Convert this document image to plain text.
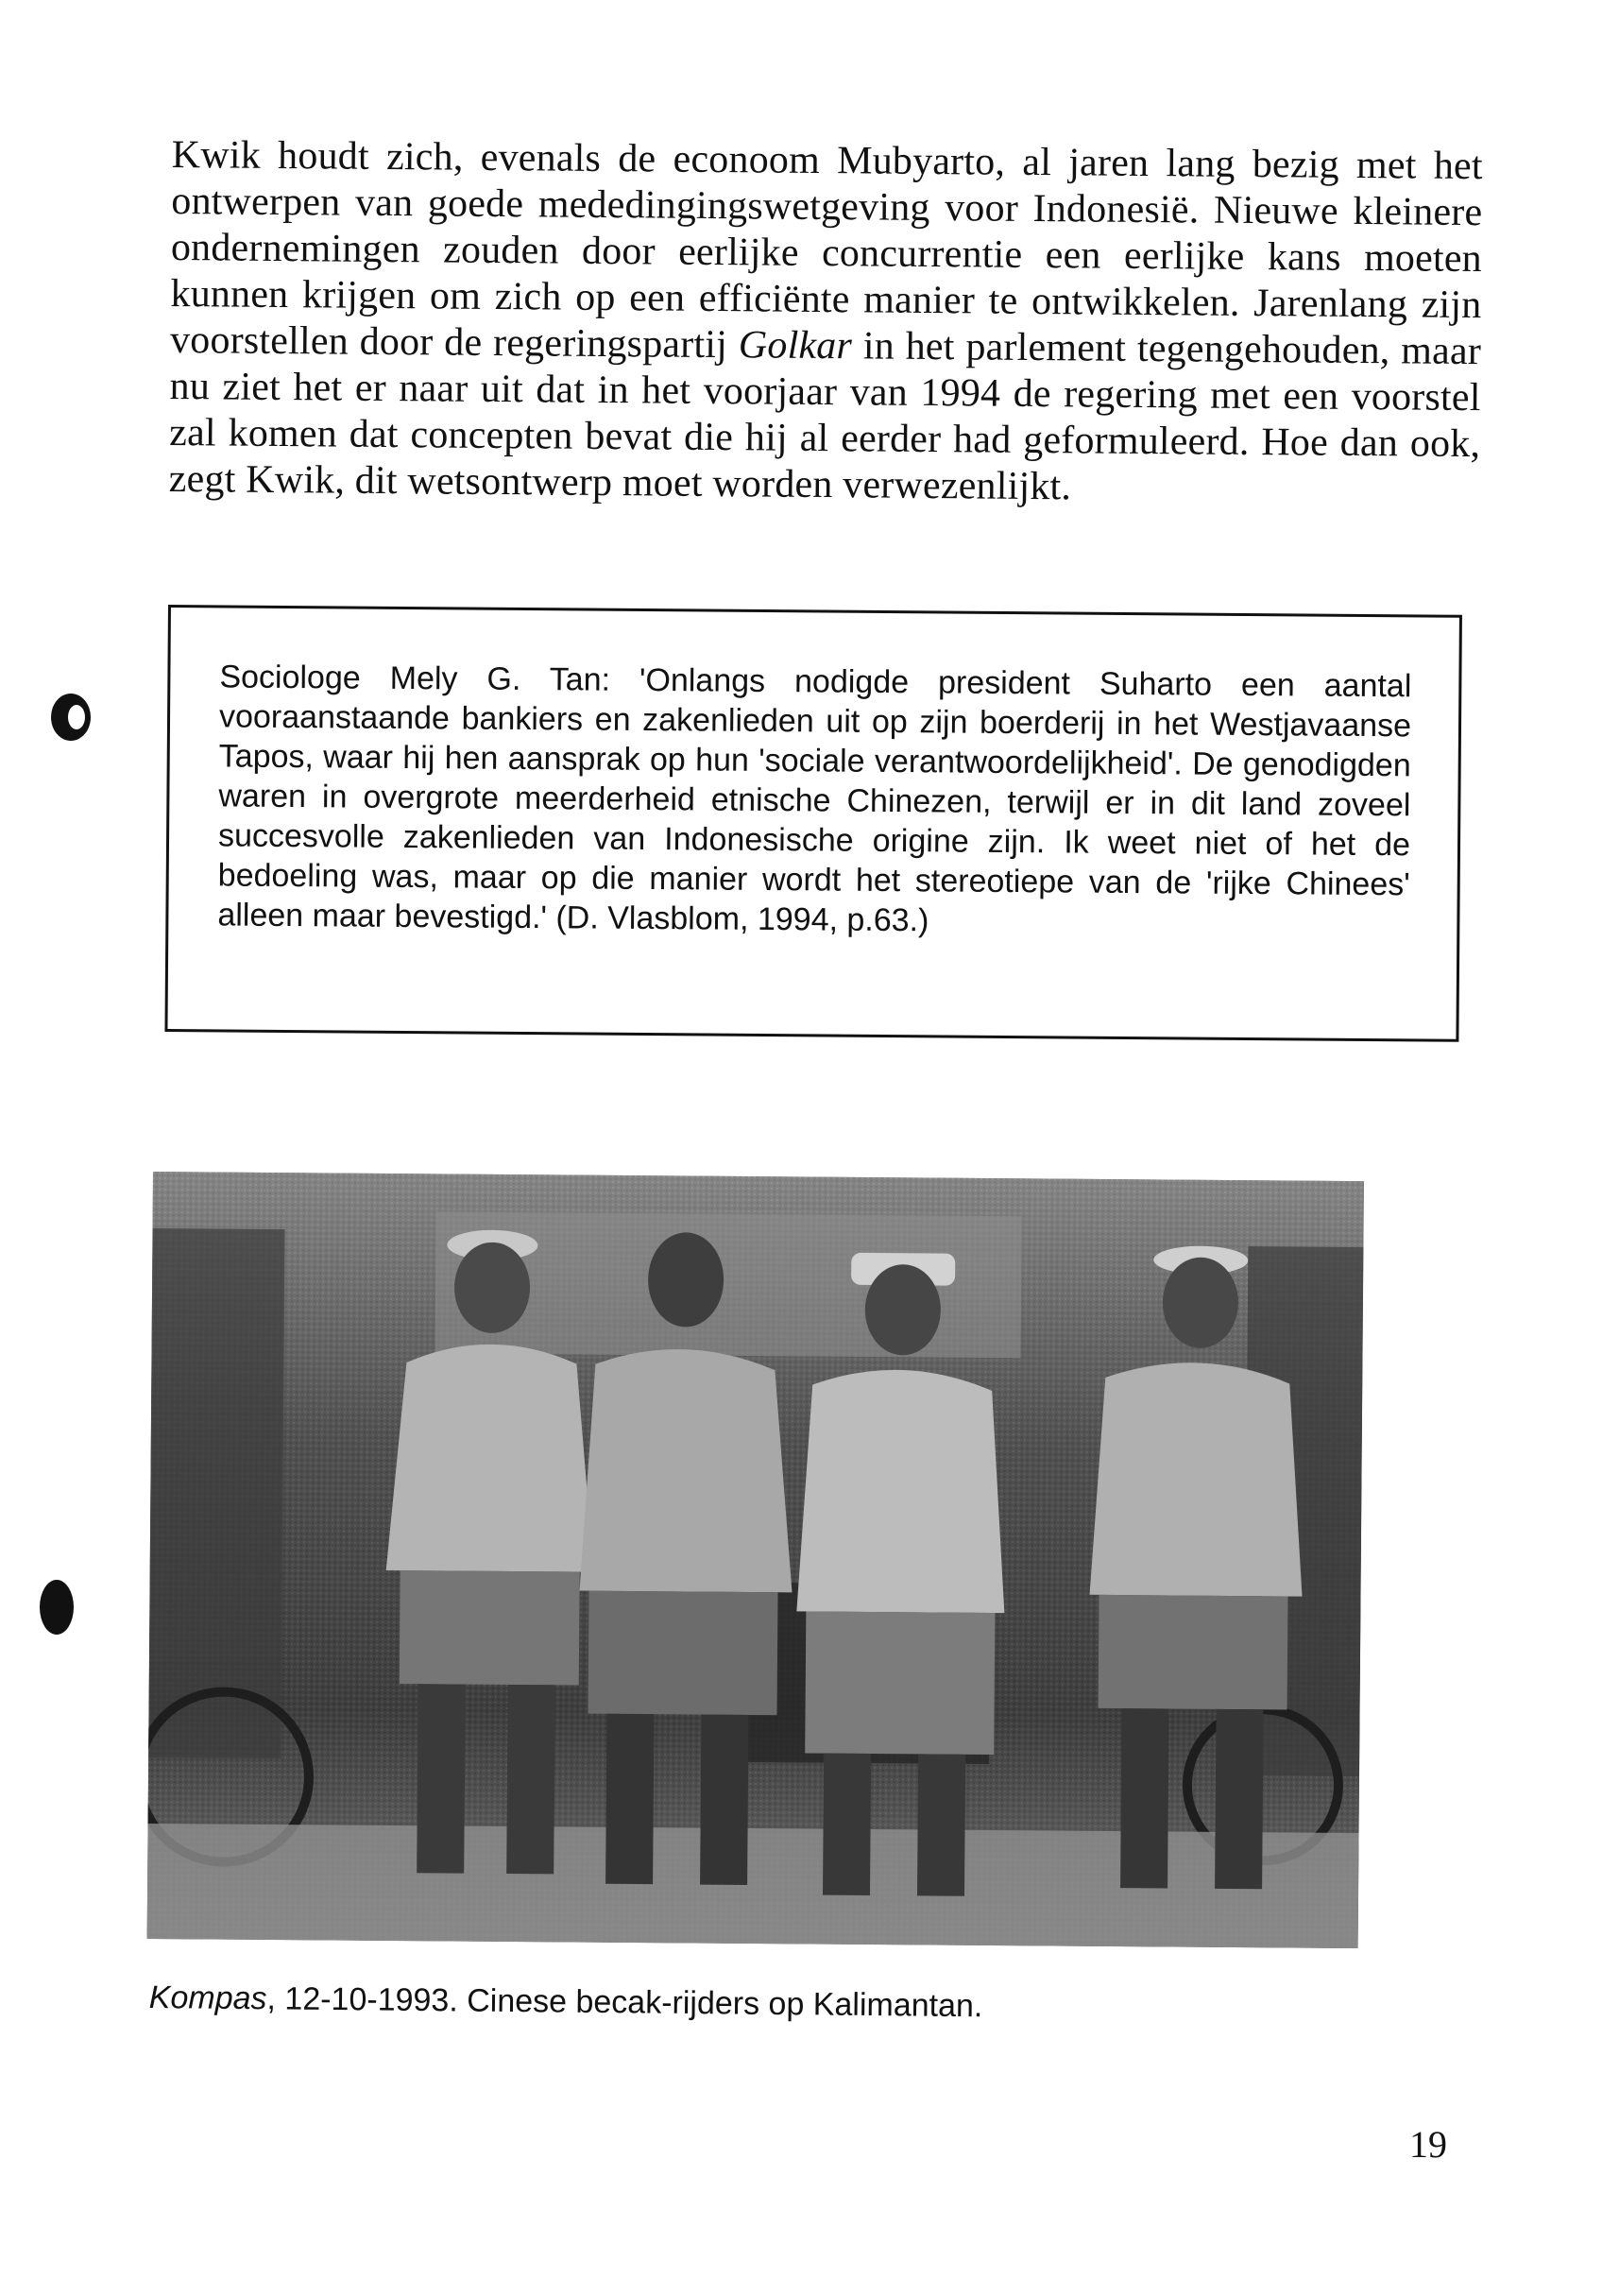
Kwik houdt zich, evenals de econoom Mubyarto, al jaren lang bezig met het ontwerpen van goede mededingingswetgeving voor Indonesië. Nieuwe kleinere ondernemingen zouden door eerlijke concurrentie een eerlijke kans moeten kunnen krijgen om zich op een efficiënte manier te ontwikkelen. Jarenlang zijn voorstellen door de regeringspartij Golkar in het parlement tegengehouden, maar nu ziet het er naar uit dat in het voorjaar van 1994 de regering met een voorstel zal komen dat concepten bevat die hij al eerder had geformuleerd. Hoe dan ook, zegt Kwik, dit wetsontwerp moet worden verwezenlijkt.

Sociologe Mely G. Tan: 'Onlangs nodigde president Suharto een aantal vooraanstaande bankiers en zakenlieden uit op zijn boerderij in het Westjavaanse Tapos, waar hij hen aansprak op hun 'sociale verantwoordelijkheid'. De genodigden waren in overgrote meerderheid etnische Chinezen, terwijl er in dit land zoveel succesvolle zakenlieden van Indonesische origine zijn. Ik weet niet of het de bedoeling was, maar op die manier wordt het stereotiepe van de 'rijke Chinees' alleen maar bevestigd.' (D. Vlasblom, 1994, p.63.)

Kompas, 12-10-1993. Cinese becak-rijders op Kalimantan.

19
